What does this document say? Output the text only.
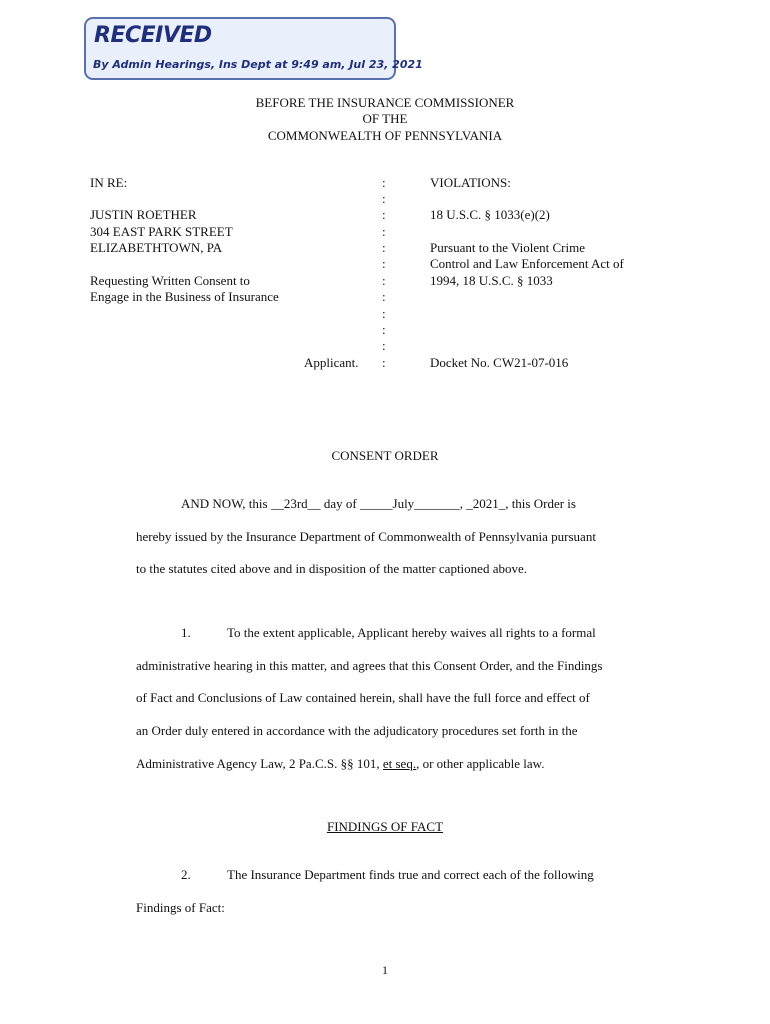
RECEIVED
By Admin Hearings, Ins Dept at 9:49 am, Jul 23, 2021
BEFORE THE INSURANCE COMMISSIONER
OF THE
COMMONWEALTH OF PENNSYLVANIA
IN RE:
JUSTIN ROETHER
304 EAST PARK STREET
ELIZABETHTOWN, PA
Requesting Written Consent to
Engage in the Business of Insurance
Applicant.
:
:
:
:
:
:
:
:
:
:
:
:
VIOLATIONS:
18 U.S.C. § 1033(e)(2)
Pursuant to the Violent Crime
Control and Law Enforcement Act of
1994, 18 U.S.C. § 1033
Docket No. CW21-07-016
CONSENT ORDER
AND NOW, this __23rd__ day of _____July_______, _2021_, this Order is
hereby issued by the Insurance Department of Commonwealth of Pennsylvania pursuant
to the statutes cited above and in disposition of the matter captioned above.
1.	To the extent applicable, Applicant hereby waives all rights to a formal
administrative hearing in this matter, and agrees that this Consent Order, and the Findings
of Fact and Conclusions of Law contained herein, shall have the full force and effect of
an Order duly entered in accordance with the adjudicatory procedures set forth in the
Administrative Agency Law, 2 Pa.C.S. §§ 101, et seq., or other applicable law.
FINDINGS OF FACT
2.	The Insurance Department finds true and correct each of the following
Findings of Fact:
1
